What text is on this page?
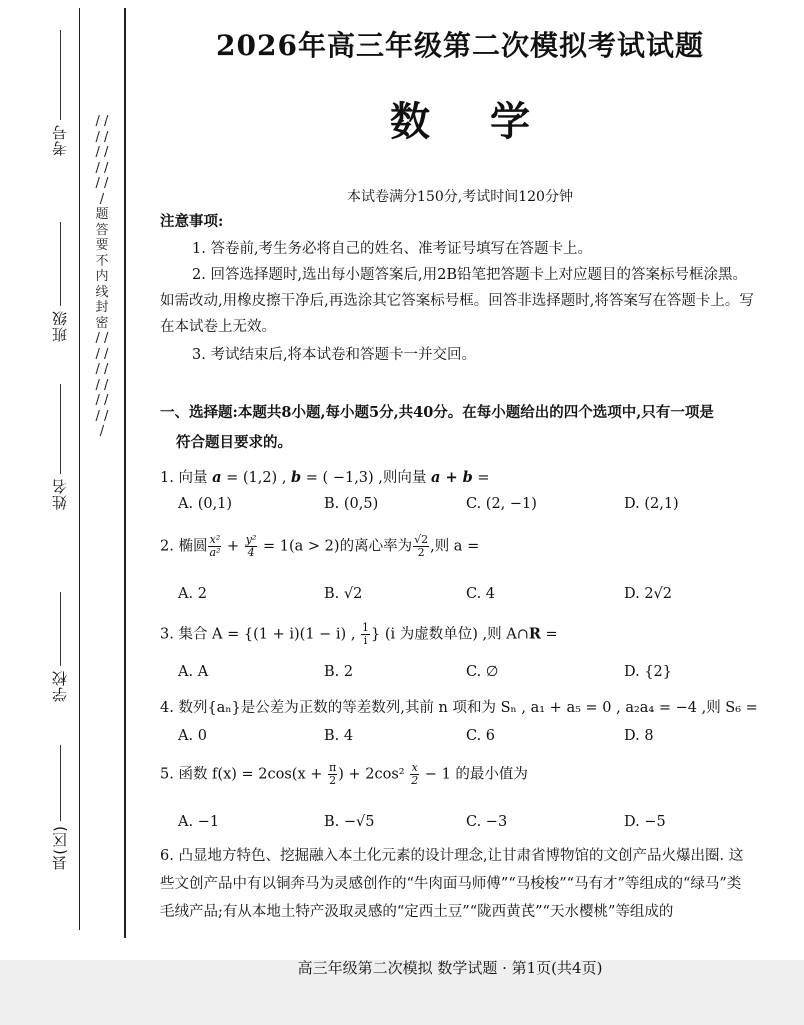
考号
班级
姓名
学校
县(区)
/ / / / / / / / / / / 题 答 要 不 内 线 封 密 / / / / / / / / / / / / /
2026年高三年级第二次模拟考试试题
数学
本试卷满分150分,考试时间120分钟
注意事项:
1. 答卷前,考生务必将自己的姓名、准考证号填写在答题卡上。
2. 回答选择题时,选出每小题答案后,用2B铅笔把答题卡上对应题目的答案标号框涂黑。如需改动,用橡皮擦干净后,再选涂其它答案标号框。回答非选择题时,将答案写在答题卡上。写在本试卷上无效。
3. 考试结束后,将本试卷和答题卡一并交回。
一、选择题:本题共8小题,每小题5分,共40分。在每小题给出的四个选项中,只有一项是
符合题目要求的。
1. 向量 a = (1,2) , b = ( −1,3) ,则向量 a + b =
A. (0,1)	B. (0,5)	C. (2, −1)	D. (2,1)
2. 椭圆 $\frac{\text{x²}}{\text{a²}} + \frac{\text{y²}}{4} = 1(a > 2)$的离心率为 $\frac{√2}{2}$ ,则 a =
A. 2	B. √2	C. 4	D. 2√2
3. 集合 A = {(1 + i)(1 − i) , $\frac{1}{i}$ } (i 为虚数单位) ,则 A∩R =
A. A	B. 2	C. ∅	D. {2}
4. 数列{aₙ}是公差为正数的等差数列,其前 n 项和为 Sₙ , a₁ + a₅ = 0 , a₂a₄ = −4 ,则 S₆ =
A. 0	B. 4	C. 6	D. 8
5. 函数 $f(x) = 2\cos(x + \frac{\pi}{2}$ ) + $2\cos^2 \frac{x}{2} - 1$ 的最小值为
A. −1	B. −√5	C. −3	D. −5
6. 凸显地方特色、挖掘融入本土化元素的设计理念,让甘肃省博物馆的文创产品火爆出圈. 这些文创产品中有以铜奔马为灵感创作的“牛肉面马师傅”“马梭梭”“马有才”等组成的“绿马”类毛绒产品;有从本地土特产汲取灵感的“定西土豆”“陇西黄芪”“天水樱桃”等组成的
高三年级第二次模拟 数学试题 · 第1页(共4页)
